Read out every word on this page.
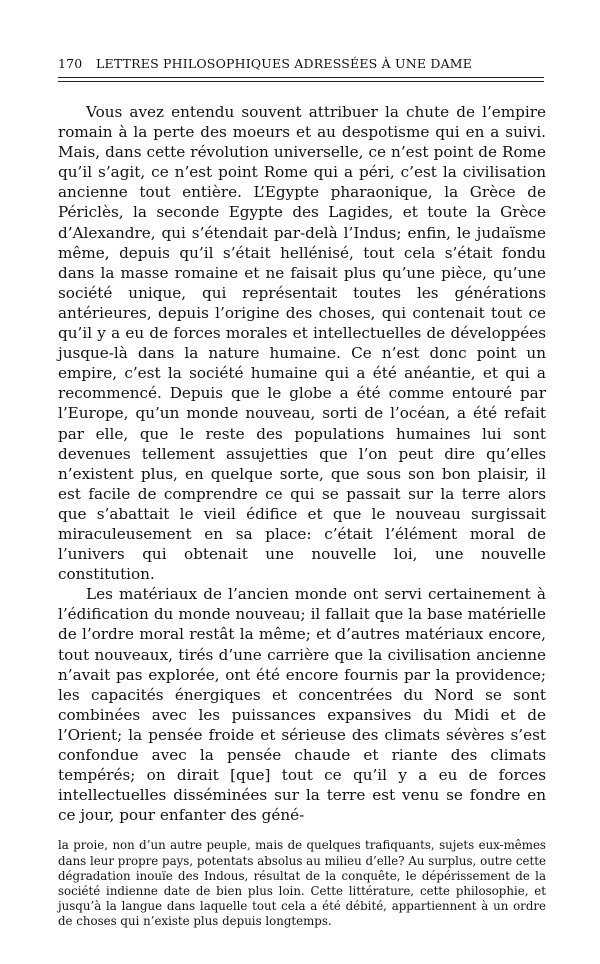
170	LETTRES PHILOSOPHIQUES ADRESSÉES À UNE DAME

Vous avez entendu souvent attribuer la chute de l’empire romain à la perte des moeurs et au despotisme qui en a suivi. Mais, dans cette révolution universelle, ce n’est point de Rome qu’il s’agit, ce n’est point Rome qui a péri, c’est la civilisation ancienne tout entière. L’Egypte pharaonique, la Grèce de Périclès, la seconde Egypte des Lagides, et toute la Grèce d’Alexandre, qui s’étendait par-delà l’Indus; enfin, le judaïsme même, depuis qu’il s’était hellénisé, tout cela s’était fondu dans la masse romaine et ne faisait plus qu’une pièce, qu’une société unique, qui représentait toutes les générations antérieures, depuis l’origine des choses, qui contenait tout ce qu’il y a eu de forces morales et intellectuelles de développées jusque-là dans la nature humaine. Ce n’est donc point un empire, c’est la société humaine qui a été anéantie, et qui a recommencé. Depuis que le globe a été comme entouré par l’Europe, qu’un monde nouveau, sorti de l’océan, a été refait par elle, que le reste des populations humaines lui sont devenues tellement assujetties que l’on peut dire qu’elles n’existent plus, en quelque sorte, que sous son bon plaisir, il est facile de comprendre ce qui se passait sur la terre alors que s’abattait le vieil édifice et que le nouveau surgissait miraculeusement en sa place: c’était l’élément moral de l’univers qui obtenait une nouvelle loi, une nouvelle constitution.

Les matériaux de l’ancien monde ont servi certainement à l’édification du monde nouveau; il fallait que la base matérielle de l’ordre moral restât la même; et d’autres matériaux encore, tout nouveaux, tirés d’une carrière que la civilisation ancienne n’avait pas explorée, ont été encore fournis par la providence; les capacités énergiques et concentrées du Nord se sont combinées avec les puissances expansives du Midi et de l’Orient; la pensée froide et sérieuse des climats sévères s’est confondue avec la pensée chaude et riante des climats tempérés; on dirait [que] tout ce qu’il y a eu de forces intellectuelles disséminées sur la terre est venu se fondre en ce jour, pour enfanter des géné-

la proie, non d’un autre peuple, mais de quelques trafiquants, sujets eux-mêmes dans leur propre pays, potentats absolus au milieu d’elle? Au surplus, outre cette dégradation inouïe des Indous, résultat de la conquête, le dépérissement de la société indienne date de bien plus loin. Cette littérature, cette philosophie, et jusqu’à la langue dans laquelle tout cela a été débité, appartiennent à un ordre de choses qui n’existe plus depuis longtemps.
